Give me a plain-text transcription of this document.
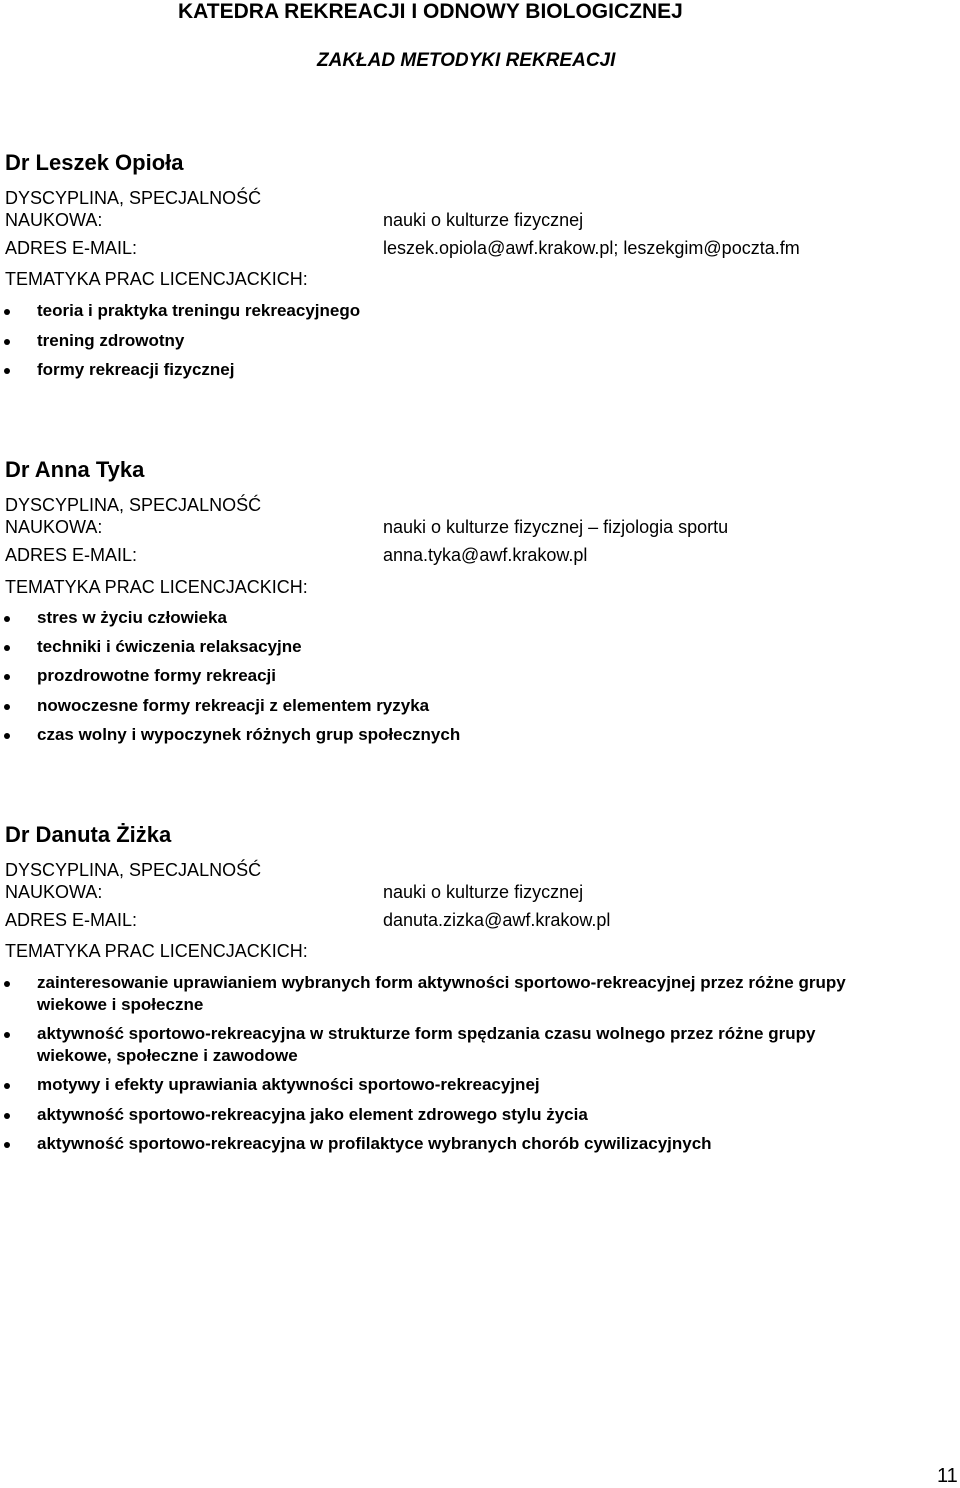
KATEDRA REKREACJI I ODNOWY BIOLOGICZNEJ
ZAKŁAD METODYKI REKREACJI
Dr Leszek Opioła
DYSCYPLINA, SPECJALNOŚĆ
NAUKOWA:	nauki o kulturze fizycznej
ADRES E-MAIL:	leszek.opiola@awf.krakow.pl; leszekgim@poczta.fm
TEMATYKA PRAC LICENCJACKICH:
teoria i praktyka treningu rekreacyjnego
trening zdrowotny
formy rekreacji fizycznej
Dr Anna Tyka
DYSCYPLINA, SPECJALNOŚĆ
NAUKOWA:	nauki o kulturze fizycznej – fizjologia sportu
ADRES E-MAIL:	anna.tyka@awf.krakow.pl
TEMATYKA PRAC LICENCJACKICH:
stres w życiu człowieka
techniki i ćwiczenia relaksacyjne
prozdrowotne formy rekreacji
nowoczesne formy rekreacji z elementem ryzyka
czas wolny i wypoczynek różnych grup społecznych
Dr Danuta Żiżka
DYSCYPLINA, SPECJALNOŚĆ
NAUKOWA:	nauki o kulturze fizycznej
ADRES E-MAIL:	danuta.zizka@awf.krakow.pl
TEMATYKA PRAC LICENCJACKICH:
zainteresowanie uprawianiem wybranych form aktywności sportowo-rekreacyjnej przez różne grupy
wiekowe i społeczne
aktywność sportowo-rekreacyjna w strukturze form spędzania czasu wolnego przez różne grupy
wiekowe, społeczne i zawodowe
motywy i efekty uprawiania aktywności sportowo-rekreacyjnej
aktywność sportowo-rekreacyjna jako element zdrowego stylu życia
aktywność sportowo-rekreacyjna w profilaktyce wybranych chorób cywilizacyjnych
11
